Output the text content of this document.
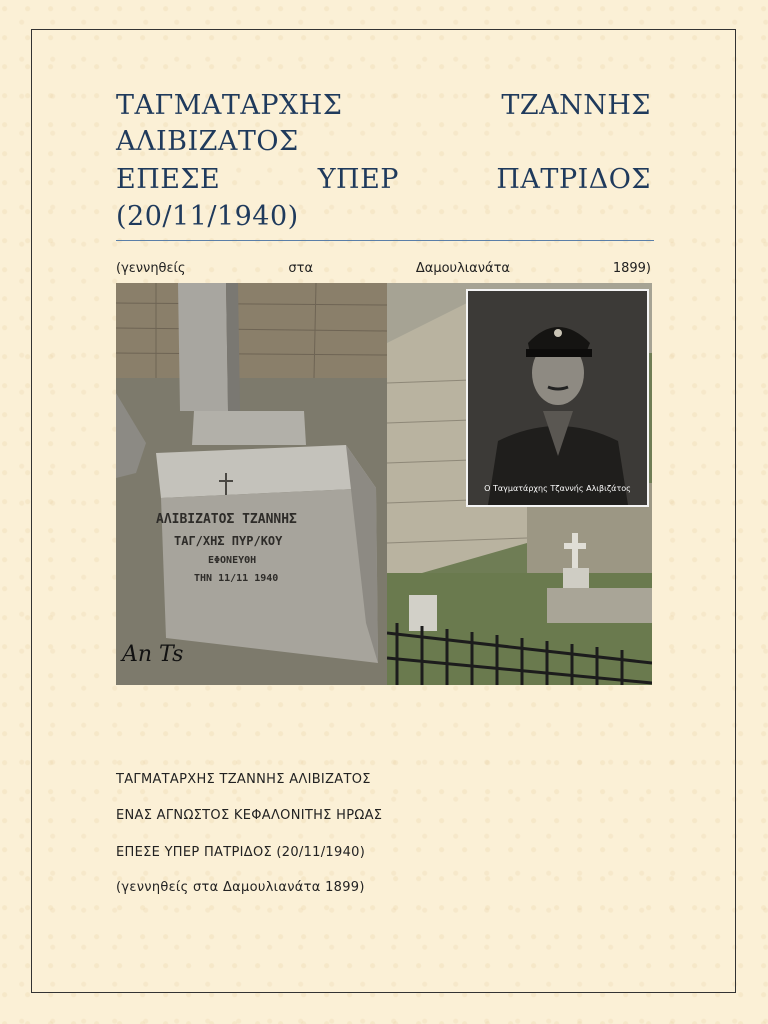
ΤΑΓΜΑΤΑΡΧΗΣ	ΤΖΑΝΝΗΣ
ΑΛΙΒΙΖΑΤΟΣ
ΕΠΕΣΕ	ΥΠΕΡ	ΠΑΤΡΙΔΟΣ
(20/11/1940)
(γεννηθείς	στα	Δαμουλιανάτα	1899)
ΑΛΙΒΙΖΑΤΟΣ ΤΖΑΝΝΗΣ
ΤΑΓ/ΧΗΣ ΠΥΡ/ΚΟΥ
ΕΦΟΝΕΥΘΗ
ΤΗΝ 11/11 1940
An Ts
Ο Ταγματάρχης Τζαννής Αλιβιζάτος
ΤΑΓΜΑΤΑΡΧΗΣ ΤΖΑΝΝΗΣ ΑΛΙΒΙΖΑΤΟΣ
ΕΝΑΣ ΑΓΝΩΣΤΟΣ ΚΕΦΑΛΟΝΙΤΗΣ ΗΡΩΑΣ
ΕΠΕΣΕ ΥΠΕΡ ΠΑΤΡΙΔΟΣ (20/11/1940)
(γεννηθείς στα Δαμουλιανάτα 1899)
